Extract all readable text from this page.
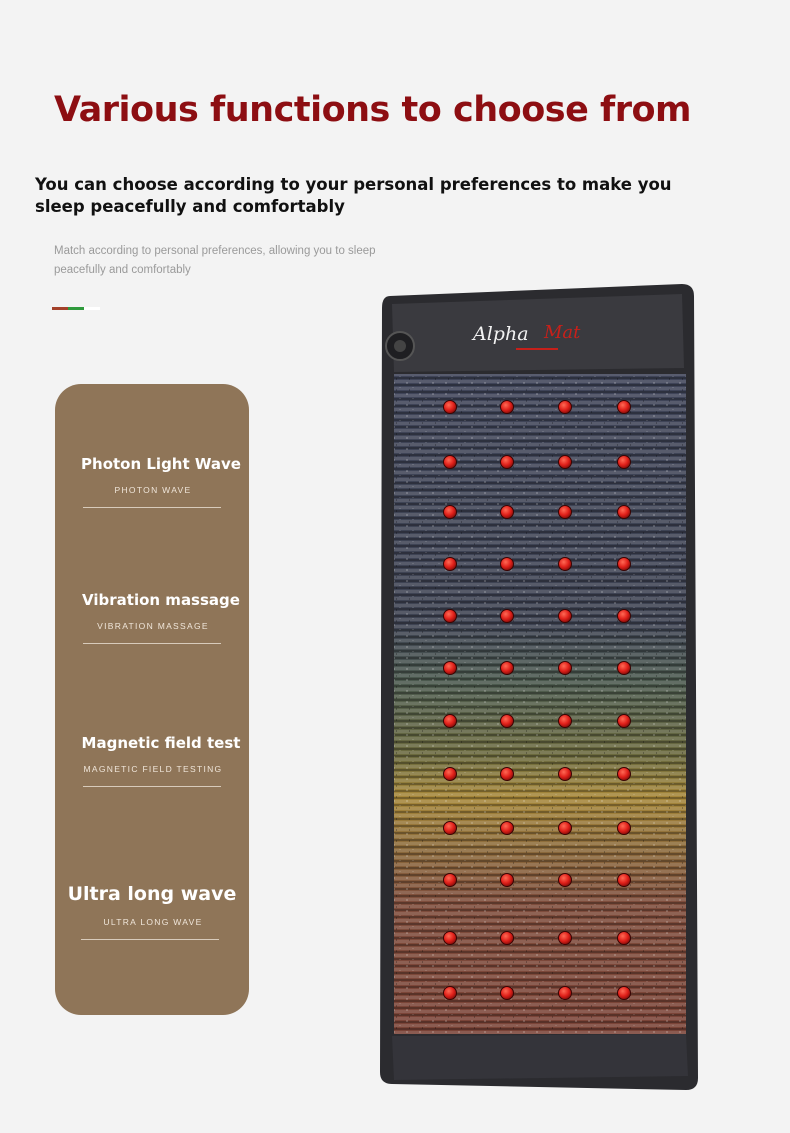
Various functions to choose from

You can choose according to your personal preferences to make you sleep peacefully and comfortably

Match according to personal preferences, allowing you to sleep peacefully and comfortably

Photon Light Wave

PHOTON WAVE

Vibration massage

VIBRATION MASSAGE

Magnetic field test

MAGNETIC FIELD TESTING

Ultra long wave

ULTRA LONG WAVE

Alpha Mat
